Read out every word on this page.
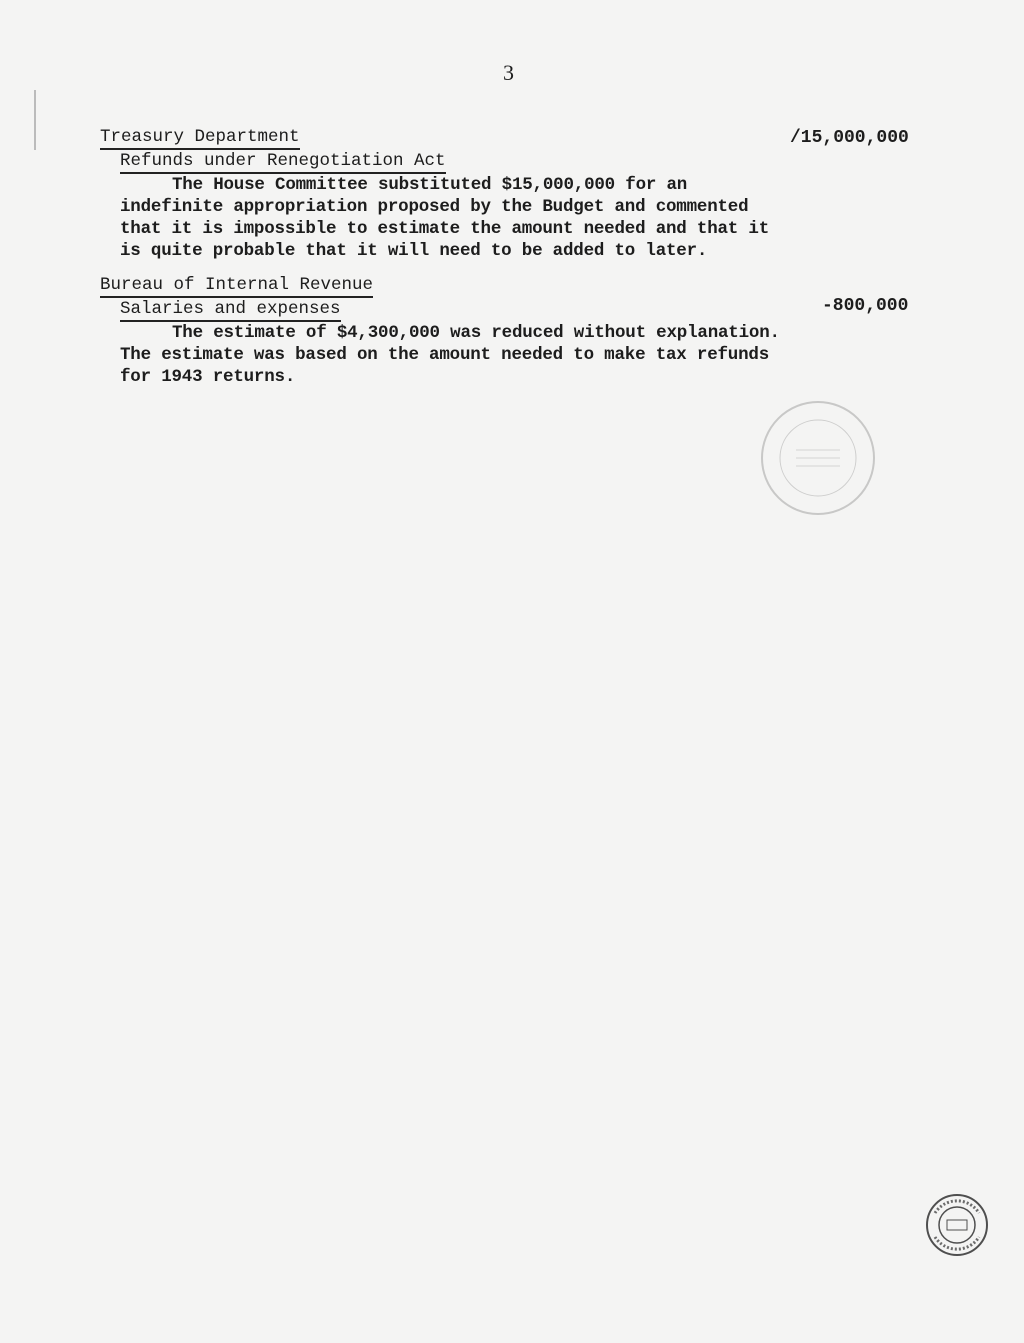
3
Treasury Department
Refunds under Renegotiation Act
The House Committee substituted $15,000,000 for an indefinite appropriation proposed by the Budget and commented that it is impossible to estimate the amount needed and that it is quite probable that it will need to be added to later.
/15,000,000
Bureau of Internal Revenue
Salaries and expenses
The estimate of $4,300,000 was reduced without explanation. The estimate was based on the amount needed to make tax refunds for 1943 returns.
-800,000
